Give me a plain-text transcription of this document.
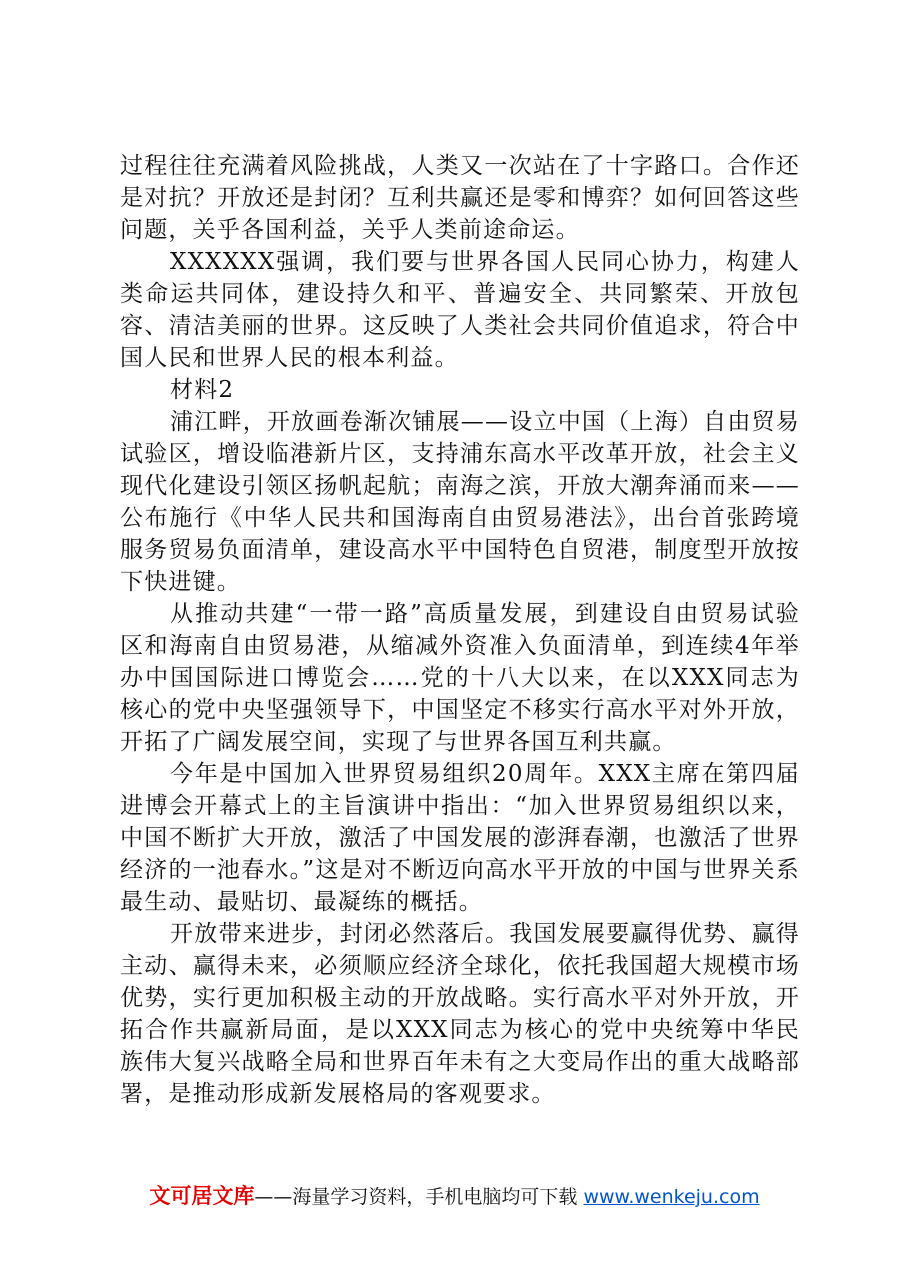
过程往往充满着风险挑战，人类又一次站在了十字路口。合作还是对抗？开放还是封闭？互利共赢还是零和博弈？如何回答这些问题，关乎各国利益，关乎人类前途命运。

XXXXXX强调，我们要与世界各国人民同心协力，构建人类命运共同体，建设持久和平、普遍安全、共同繁荣、开放包容、清洁美丽的世界。这反映了人类社会共同价值追求，符合中国人民和世界人民的根本利益。

材料2

浦江畔，开放画卷渐次铺展——设立中国（上海）自由贸易试验区，增设临港新片区，支持浦东高水平改革开放，社会主义现代化建设引领区扬帆起航；南海之滨，开放大潮奔涌而来——公布施行《中华人民共和国海南自由贸易港法》，出台首张跨境服务贸易负面清单，建设高水平中国特色自贸港，制度型开放按下快进键。

从推动共建“一带一路”高质量发展，到建设自由贸易试验区和海南自由贸易港，从缩减外资准入负面清单，到连续4年举办中国国际进口博览会……党的十八大以来，在以XXX同志为核心的党中央坚强领导下，中国坚定不移实行高水平对外开放，开拓了广阔发展空间，实现了与世界各国互利共赢。

今年是中国加入世界贸易组织20周年。XXX主席在第四届进博会开幕式上的主旨演讲中指出：“加入世界贸易组织以来，中国不断扩大开放，激活了中国发展的澎湃春潮，也激活了世界经济的一池春水。”这是对不断迈向高水平开放的中国与世界关系最生动、最贴切、最凝练的概括。

开放带来进步，封闭必然落后。我国发展要赢得优势、赢得主动、赢得未来，必须顺应经济全球化，依托我国超大规模市场优势，实行更加积极主动的开放战略。实行高水平对外开放，开拓合作共赢新局面，是以XXX同志为核心的党中央统筹中华民族伟大复兴战略全局和世界百年未有之大变局作出的重大战略部署，是推动形成新发展格局的客观要求。

文可居文库——海量学习资料，手机电脑均可下载 www.wenkeju.com
